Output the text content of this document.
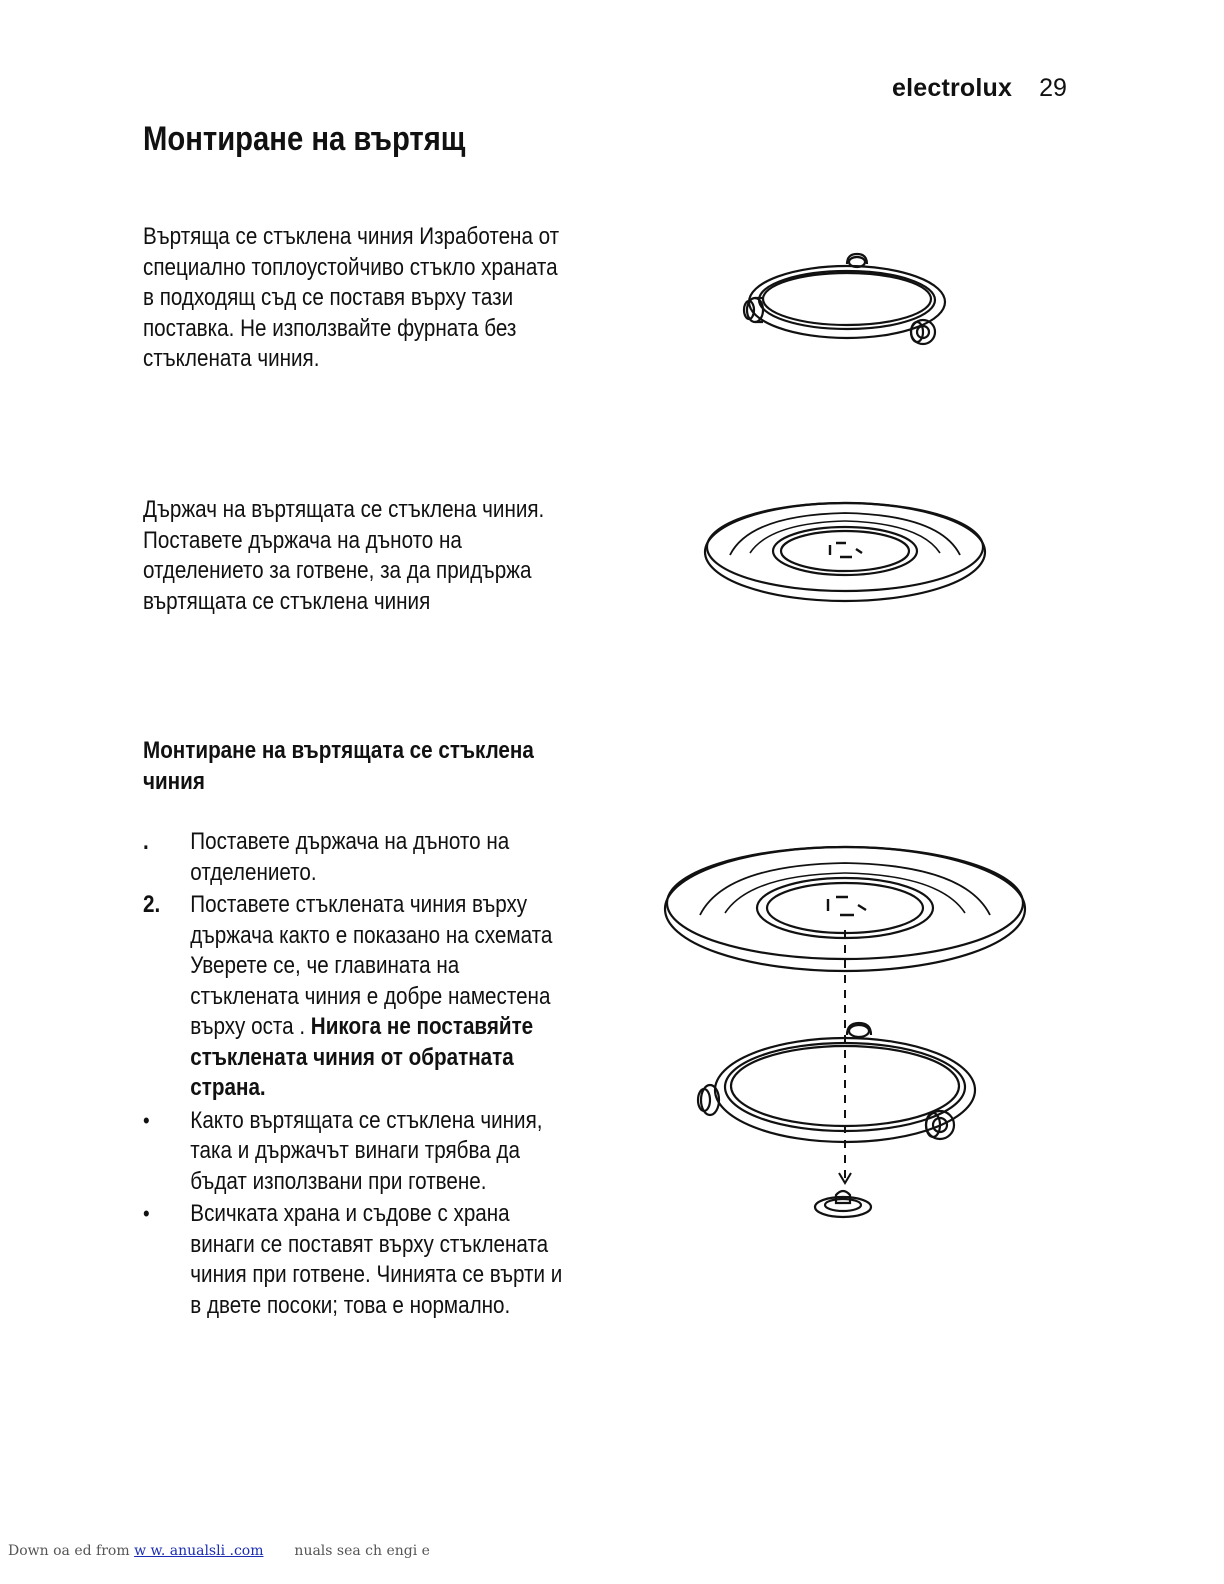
electrolux 29
Монтиране на въртящ

Въртяща се стъклена чиния Изработена от
специално топлоустойчиво стъкло храната
в подходящ съд се поставя върху тази
поставка. Не използвайте фурната без
стъклената чиния.

Държач на въртящата се стъклена чиния.
Поставете държача на дъното на
отделението за готвене, за да придържа
въртящата се стъклена чиния

Монтиране на въртящата се стъклена
чиния
.	Поставете държача на дъното на
отделението.
2.	Поставете стъклената чиния върху
държача както е показано на схемата
Уверете се, че главината на
стъклената чиния е добре наместена
върху оста . Никога не поставяйте
стъклената чиния от обратната
страна.
•	Както въртящата се стъклена чиния,
така и държачът винаги трябва да
бъдат използвани при готвене.
•	Всичката храна и съдове с храна
винаги се поставят върху стъклената
чиния при готвене. Чинията се върти и
в двете посоки; това е нормално.
Down oa ed from w w. anualsli .com nuals sea ch engi e
